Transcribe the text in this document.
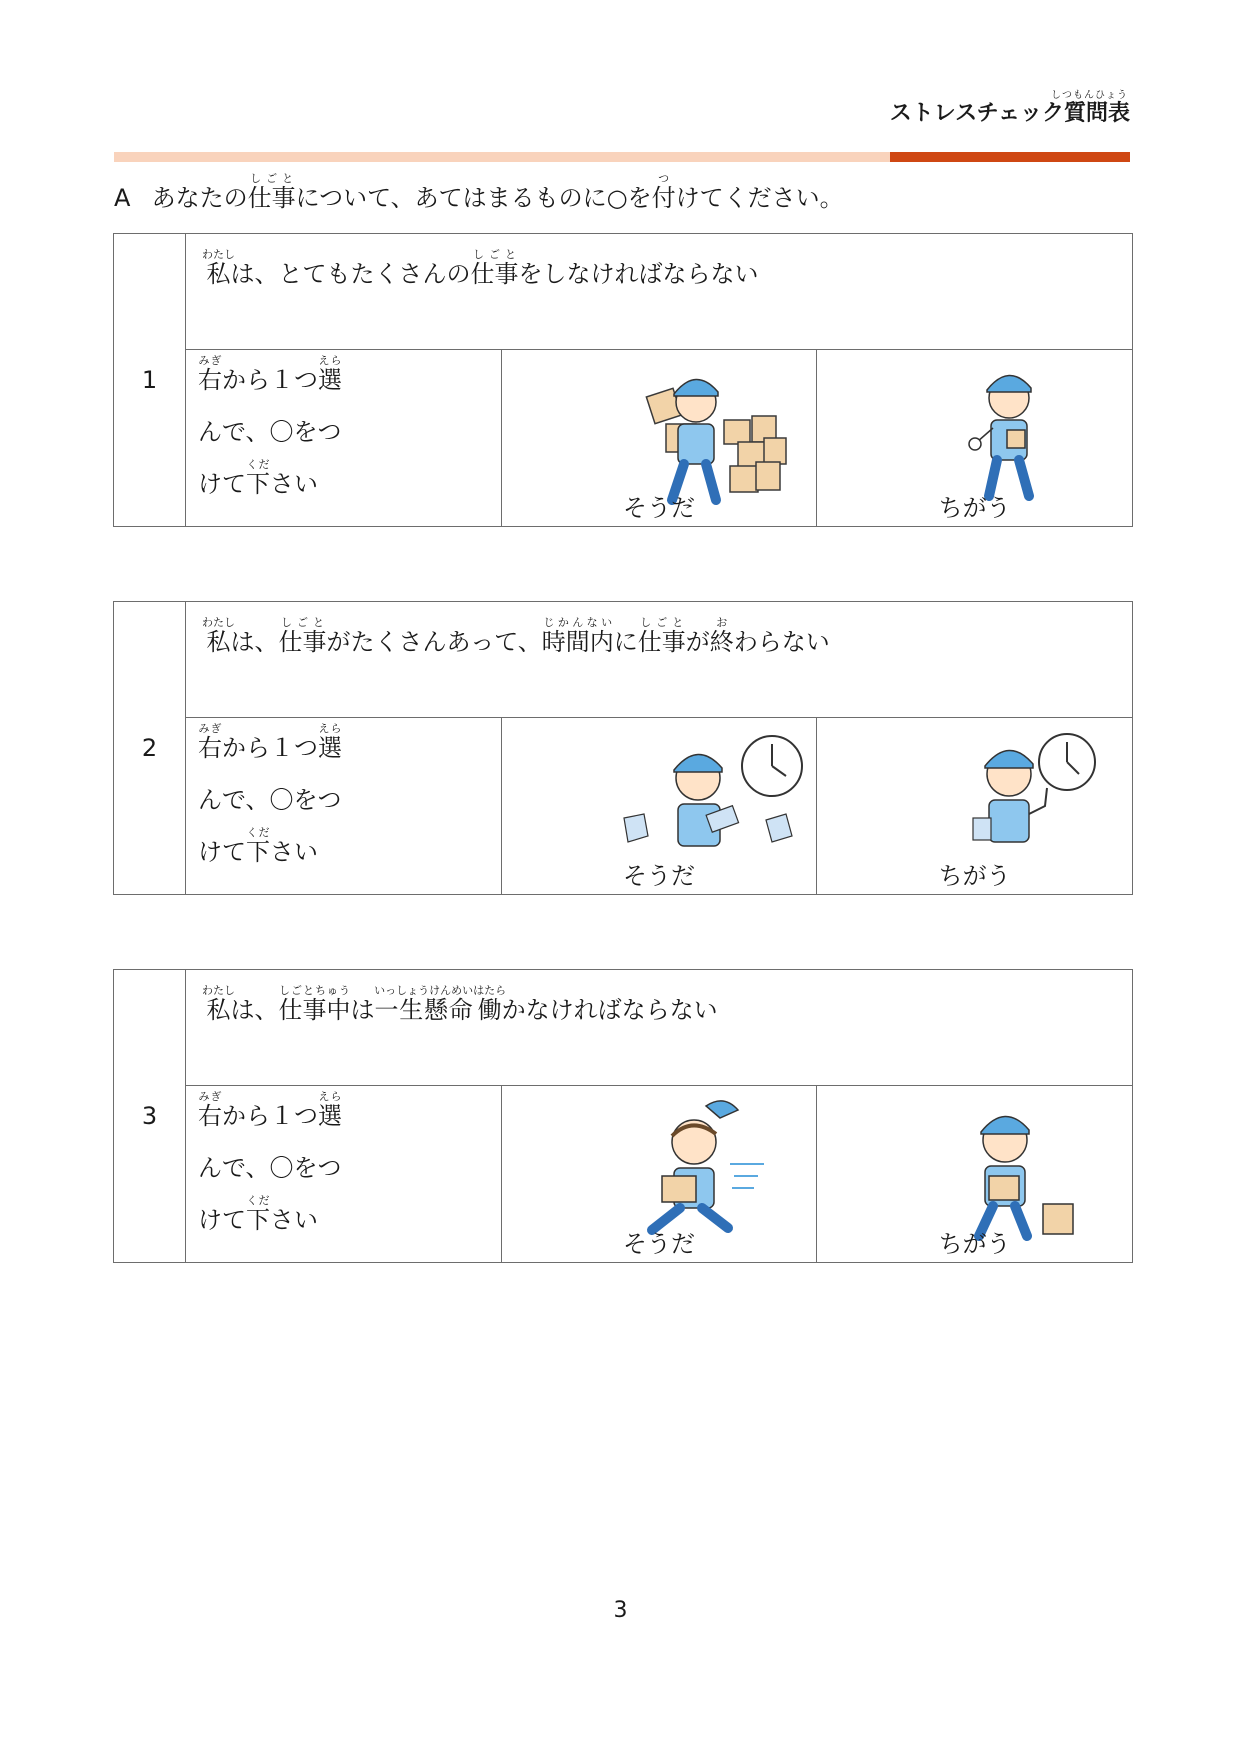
しつもんひょう
ストレスチェック質問表
A あなたの仕事しごとについて、あてはまるものに○を付つけてください。
1	私わたしは、とてもたくさんの仕事しごとをしなければならない		

	右みぎから１つ選えら
んで、〇をつ
けて下ください	そうだ	ちがう
2	私わたしは、仕事しごとがたくさんあって、時間内じかんないに仕事しごとが終おわらない		

	右みぎから１つ選えら
んで、〇をつ
けて下ください	そうだ	ちがう
3	私わたしは、仕事中しごとちゅうは一生懸命いっしょうけんめい働はたらかなければならない		

	右みぎから１つ選えら
んで、〇をつ
けて下ください	そうだ	ちがう
3
